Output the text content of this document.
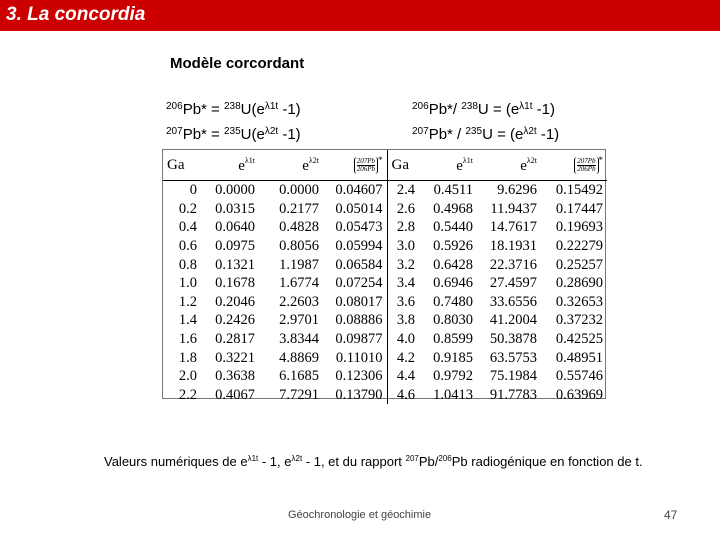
3. La concordia
Modèle corcordant
$^{206}Pb* = ^{238}U(e^{\lambda 1t}$ -1)
$^{207}Pb* = ^{235}U(e^{\lambda 2t}$ -1)
$^{206}$Pb*/ $^{238}U = (e^{\lambda 1t}$ -1)
$^{207}Pb* / ^{235}U = (e^{\lambda 2t}$ -1)
Ga	$e^{\lambda 1t}$	$e^{\lambda 2t}$	$\frac{207Pb}{206Pb}^*$	Ga	$e^{\lambda 1t}$	$e^{\lambda 2t}$	$\frac{207Pb}{206Pb}^*$
0	0.0000	0.0000	0.04607	2.4	0.4511	9.6296	0.15492
0.2	0.0315	0.2177	0.05014	2.6	0.4968	11.9437	0.17447
0.4	0.0640	0.4828	0.05473	2.8	0.5440	14.7617	0.19693
0.6	0.0975	0.8056	0.05994	3.0	0.5926	18.1931	0.22279
0.8	0.1321	1.1987	0.06584	3.2	0.6428	22.3716	0.25257
1.0	0.1678	1.6774	0.07254	3.4	0.6946	27.4597	0.28690
1.2	0.2046	2.2603	0.08017	3.6	0.7480	33.6556	0.32653
1.4	0.2426	2.9701	0.08886	3.8	0.8030	41.2004	0.37232
1.6	0.2817	3.8344	0.09877	4.0	0.8599	50.3878	0.42525
1.8	0.3221	4.8869	0.11010	4.2	0.9185	63.5753	0.48951
2.0	0.3638	6.1685	0.12306	4.4	0.9792	75.1984	0.55746
2.2	0.4067	7.7291	0.13790	4.6	1.0413	91.7783	0.63969
Valeurs numériques de $e^{\lambda 1t} - 1$, $e^{\lambda 2t} - 1$, et du rapport $^{207}$Pb/$^{206}$Pb radiogénique en fonction de t.
Géochronologie et géochimie	47
